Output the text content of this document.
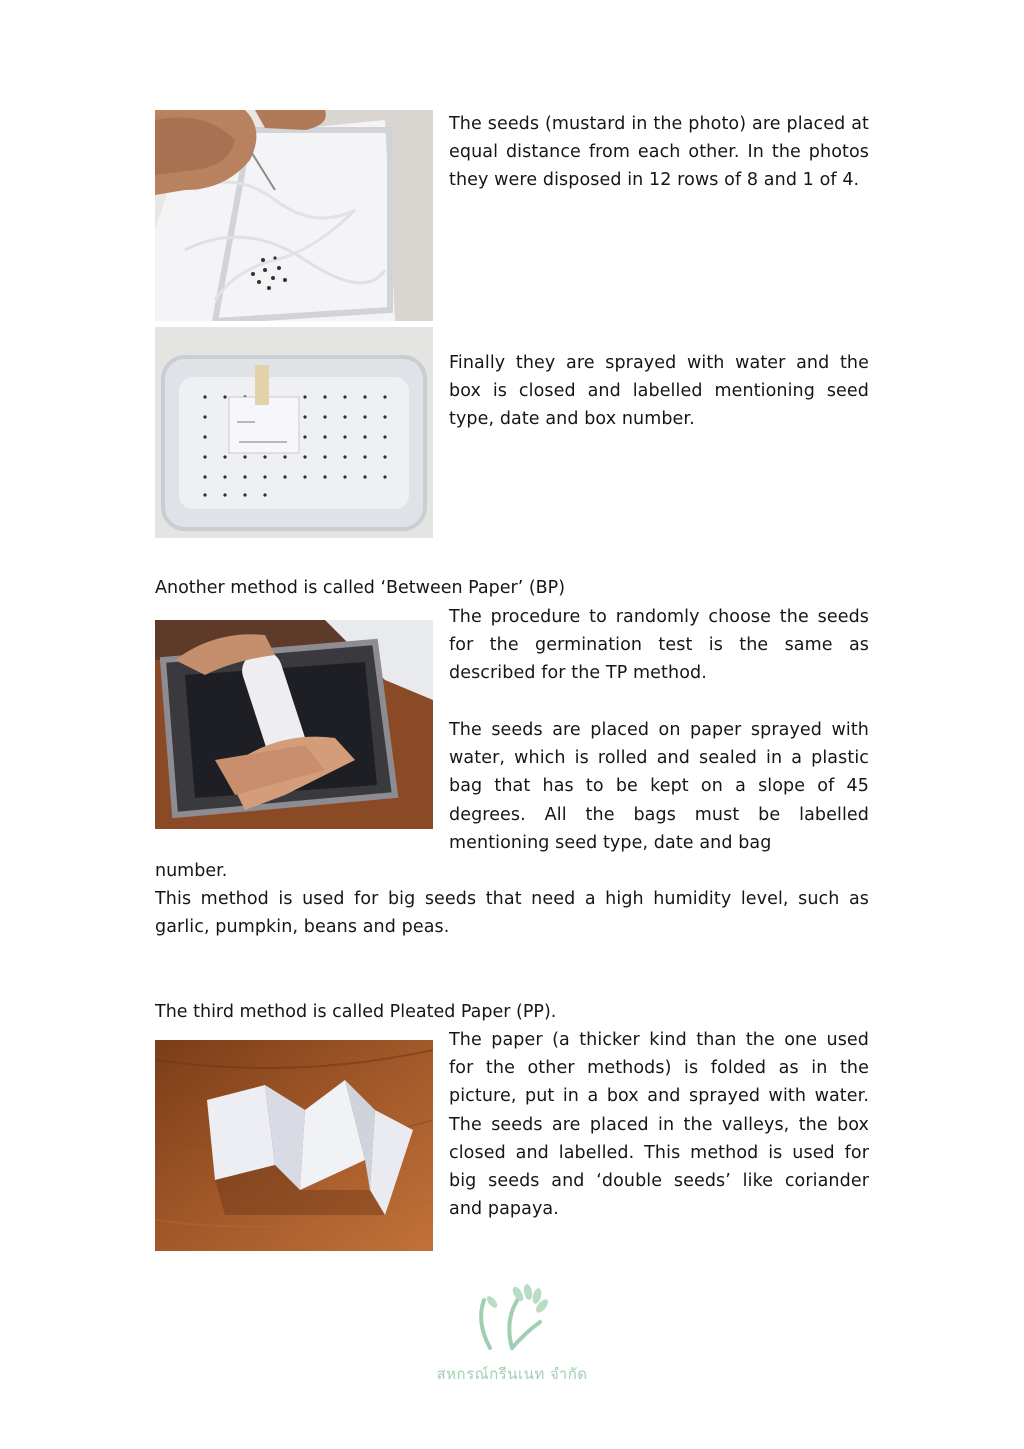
The seeds (mustard in the photo) are placed at equal distance from each other. In the photos they were disposed in 12 rows of 8 and 1 of 4.

Finally they are sprayed with water and the box is closed and labelled mentioning seed type, date and box number.

Another method is called ‘Between Paper’ (BP)

The procedure to randomly choose the seeds for the germination test is the same as described for the TP method.

The seeds are placed on paper sprayed with water, which is rolled and sealed in a plastic bag that has to be kept on a slope of 45 degrees. All the bags must be labelled mentioning seed type, date and bag

number.

This method is used for big seeds that need a high humidity level, such as garlic, pumpkin, beans and peas.

The third method is called Pleated Paper (PP).

The paper (a thicker kind than the one used for the other methods) is folded as in the picture, put in a box and sprayed with water. The seeds are placed in the valleys, the box closed and labelled. This method is used for big seeds and ‘double seeds’ like coriander and papaya.

สหกรณ์กรีนเนท จำกัด
